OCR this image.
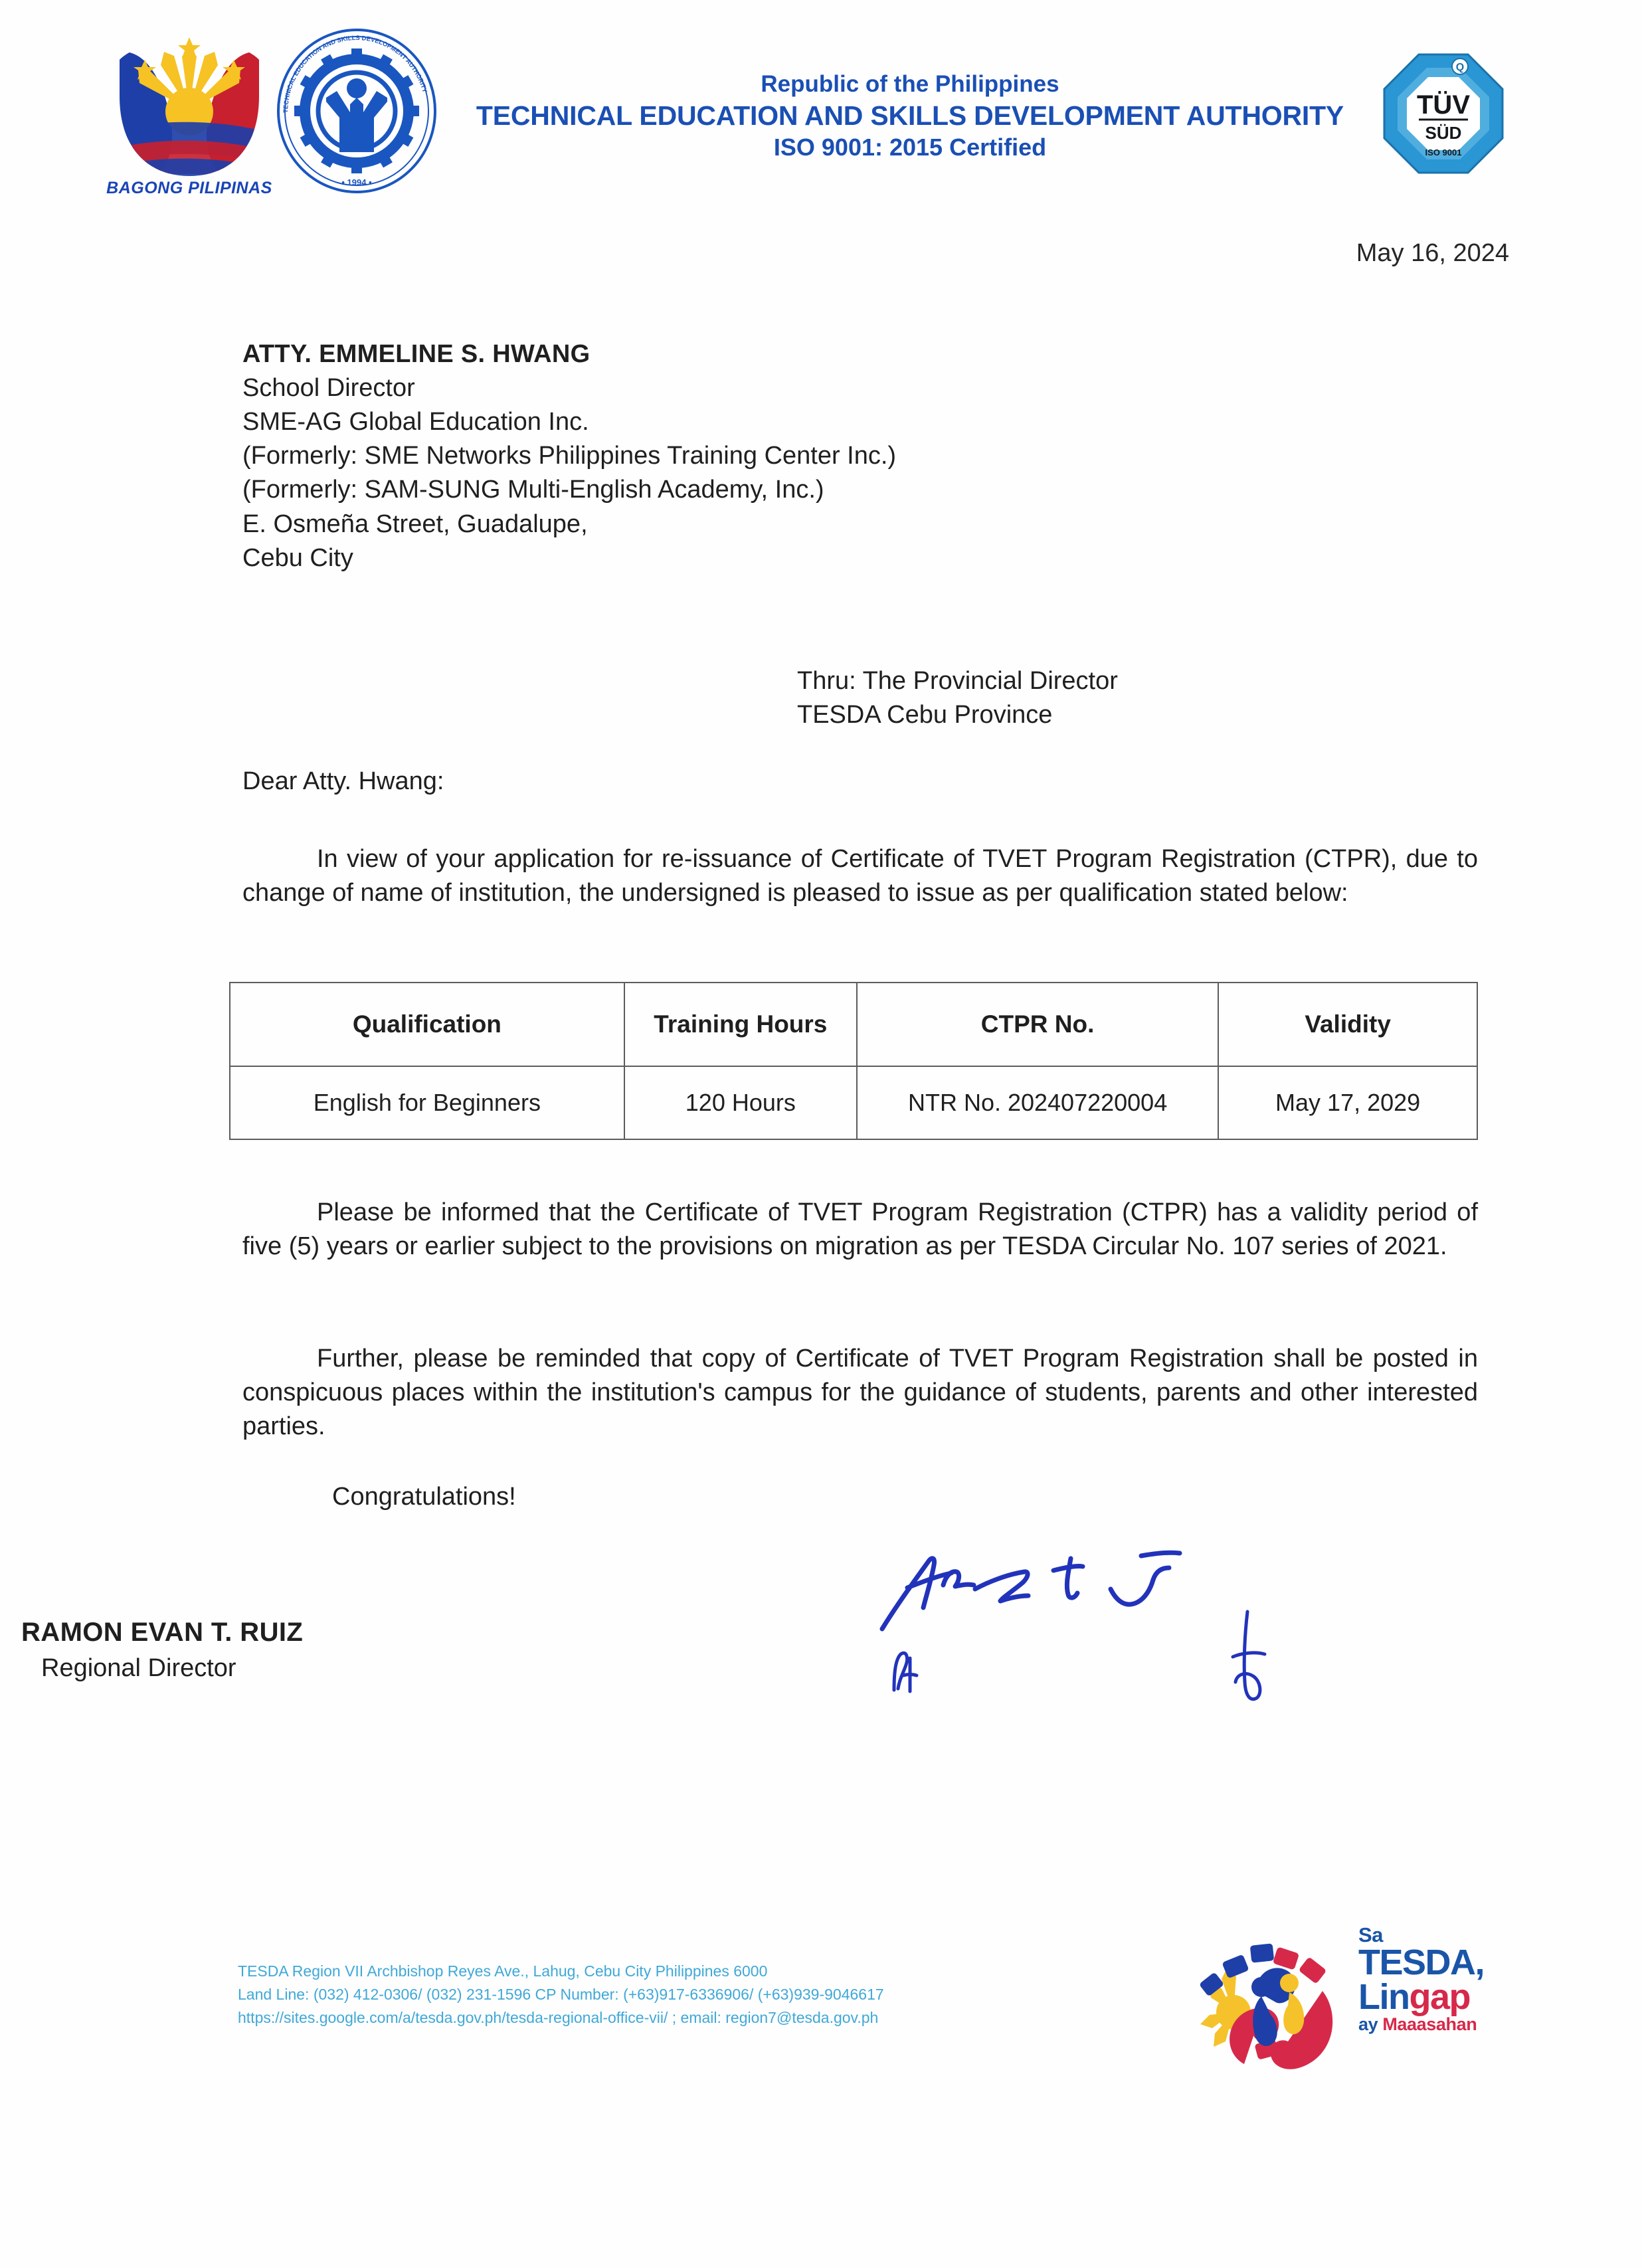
BAGONG PILIPINAS
TECHNICAL EDUCATION AND SKILLS DEVELOPMENT AUTHORITY
• 1994 •
Republic of the Philippines
TECHNICAL EDUCATION AND SKILLS DEVELOPMENT AUTHORITY
ISO 9001: 2015 Certified
Q
TÜV
SÜD
ISO 9001
May 16, 2024
ATTY. EMMELINE S. HWANG
School Director
SME-AG Global Education Inc.
(Formerly: SME Networks Philippines Training Center Inc.)
(Formerly: SAM-SUNG Multi-English Academy, Inc.)
E. Osmeña Street, Guadalupe,
Cebu City
Thru: The Provincial Director
TESDA Cebu Province
Dear Atty. Hwang:
In view of your application for re-issuance of Certificate of TVET Program Registration (CTPR), due to change of name of institution, the undersigned is pleased to issue as per qualification stated below:
Qualification	Training Hours	CTPR No.	Validity
English for Beginners	120 Hours	NTR No. 202407220004	May 17, 2029
Please be informed that the Certificate of TVET Program Registration (CTPR) has a validity period of five (5) years or earlier subject to the provisions on migration as per TESDA Circular No. 107 series of 2021.
Further, please be reminded that copy of Certificate of TVET Program Registration shall be posted in conspicuous places within the institution's campus for the guidance of students, parents and other interested parties.
Congratulations!
RAMON EVAN T. RUIZ
Regional Director
TESDA Region VII Archbishop Reyes Ave., Lahug, Cebu City Philippines 6000
Land Line: (032) 412-0306/ (032) 231-1596 CP Number: (+63)917-6336906/ (+63)939-9046617
https://sites.google.com/a/tesda.gov.ph/tesda-regional-office-vii/ ; email: region7@tesda.gov.ph
Sa
TESDA,
Lingap
ay Maaasahan
